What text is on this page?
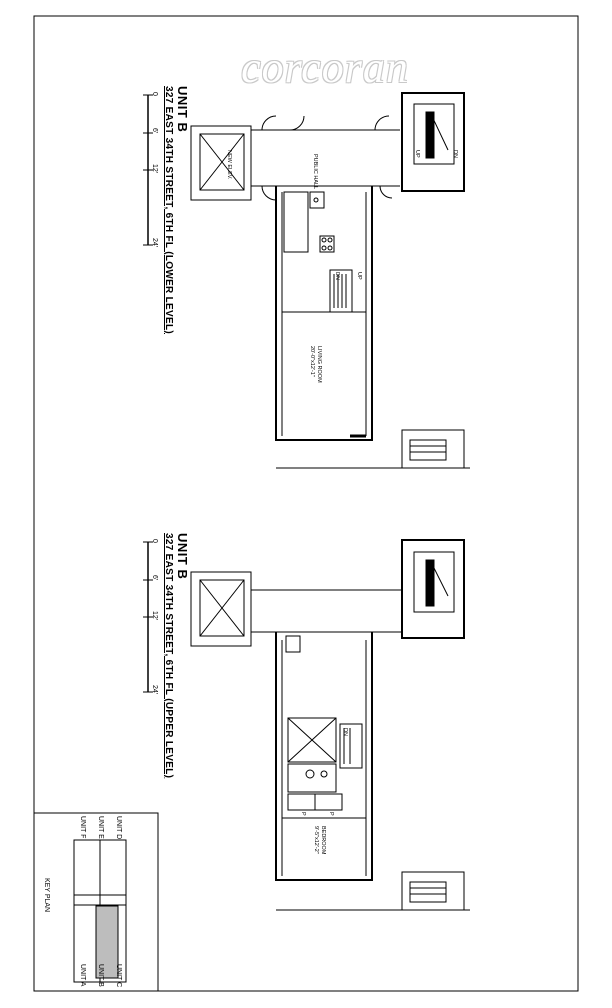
corcoran
UNIT B
327 EAST 34TH STREET, 6TH FL (LOWER LEVEL)
0
6'
12'
24'
NEW ELEV.	PUBLIC HALL
LIVING ROOM
20'-0"x12'-1"
UP	DN
UP
DN
UNIT B
327 EAST 34TH STREET, 6TH FL (UPPER LEVEL)
0
6'
12'
24'
BEDROOM
9'-5"x12'-2"
DN
P	P
KEY PLAN
UNIT D
UNIT E
UNIT F
UNIT C
UNIT B
UNIT A
